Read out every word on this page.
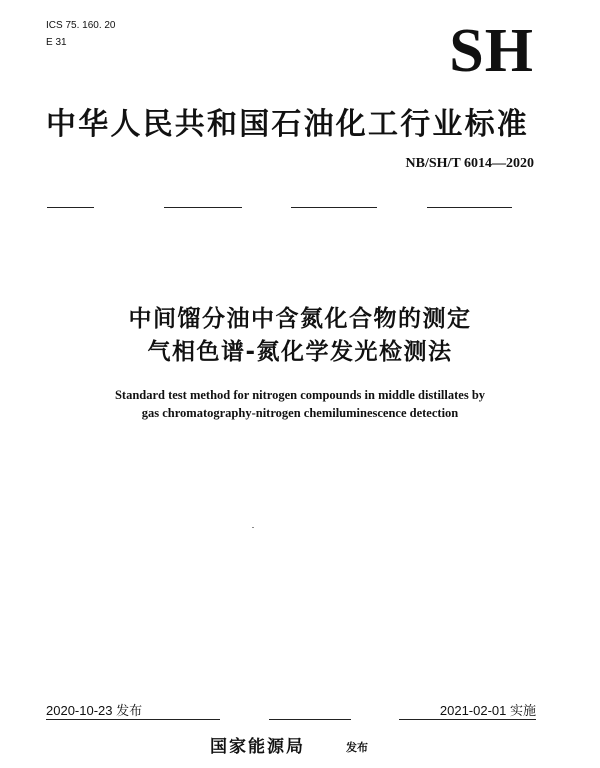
ICS 75. 160. 20
E 31	SH
中华人民共和国石油化工行业标准
NB/SH/T 6014—2020
中间馏分油中含氮化合物的测定
气相色谱-氮化学发光检测法
Standard test method for nitrogen compounds in middle distillates by
gas chromatography-nitrogen chemiluminescence detection
2020-10-23 发布	2021-02-01 实施
国家能源局	发布
